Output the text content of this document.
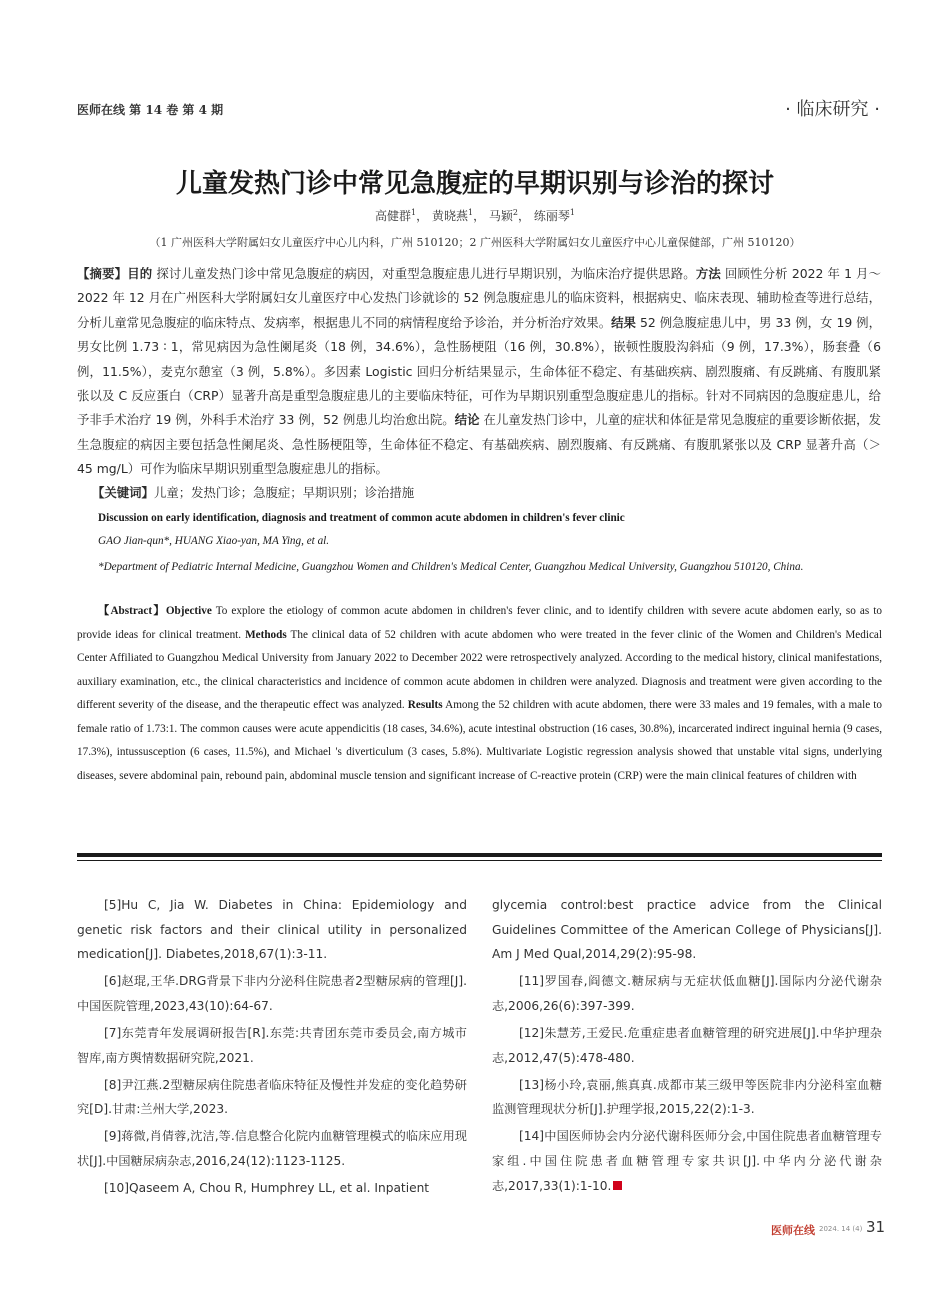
医师在线 第 14 卷 第 4 期	· 临床研究 ·
儿童发热门诊中常见急腹症的早期识别与诊治的探讨
高健群$^1$， 黄晓燕$^1$， 马颖$^2$， 练丽琴$^1$
（1 广州医科大学附属妇女儿童医疗中心儿内科，广州 510120；2 广州医科大学附属妇女儿童医疗中心儿童保健部，广州 510120）

【摘要】目的 探讨儿童发热门诊中常见急腹症的病因，对重型急腹症患儿进行早期识别，为临床治疗提供思路。方法 回顾性分析 2022 年 1 月～ 2022 年 12 月在广州医科大学附属妇女儿童医疗中心发热门诊就诊的 52 例急腹症患儿的临床资料，根据病史、临床表现、辅助检查等进行总结，分析儿童常见急腹症的临床特点、发病率，根据患儿不同的病情程度给予诊治，并分析治疗效果。结果 52 例急腹症患儿中，男 33 例，女 19 例，男女比例 1.73 ∶ 1，常见病因为急性阑尾炎（18 例，34.6%），急性肠梗阻（16 例，30.8%），嵌顿性腹股沟斜疝（9 例，17.3%），肠套叠（6 例，11.5%），麦克尔憩室（3 例，5.8%）。多因素 Logistic 回归分析结果显示，生命体征不稳定、有基础疾病、剧烈腹痛、有反跳痛、有腹肌紧张以及 C 反应蛋白（CRP）显著升高是重型急腹症患儿的主要临床特征，可作为早期识别重型急腹症患儿的指标。针对不同病因的急腹症患儿，给予非手术治疗 19 例，外科手术治疗 33 例，52 例患儿均治愈出院。结论 在儿童发热门诊中，儿童的症状和体征是常见急腹症的重要诊断依据，发生急腹症的病因主要包括急性阑尾炎、急性肠梗阻等，生命体征不稳定、有基础疾病、剧烈腹痛、有反跳痛、有腹肌紧张以及 CRP 显著升高（＞ 45 mg/L）可作为临床早期识别重型急腹症患儿的指标。

【关键词】儿童；发热门诊；急腹症；早期识别；诊治措施

Discussion on early identification, diagnosis and treatment of common acute abdomen in children's fever clinic

GAO Jian-qun*, HUANG Xiao-yan, MA Ying, et al.

*Department of Pediatric Internal Medicine, Guangzhou Women and Children's Medical Center, Guangzhou Medical University, Guangzhou 510120, China.

【Abstract】Objective To explore the etiology of common acute abdomen in children's fever clinic, and to identify children with severe acute abdomen early, so as to provide ideas for clinical treatment. Methods The clinical data of 52 children with acute abdomen who were treated in the fever clinic of the Women and Children's Medical Center Affiliated to Guangzhou Medical University from January 2022 to December 2022 were retrospectively analyzed. According to the medical history, clinical manifestations, auxiliary examination, etc., the clinical characteristics and incidence of common acute abdomen in children were analyzed. Diagnosis and treatment were given according to the different severity of the disease, and the therapeutic effect was analyzed. Results Among the 52 children with acute abdomen, there were 33 males and 19 females, with a male to female ratio of 1.73:1. The common causes were acute appendicitis (18 cases, 34.6%), acute intestinal obstruction (16 cases, 30.8%), incarcerated indirect inguinal hernia (9 cases, 17.3%), intussusception (6 cases, 11.5%), and Michael 's diverticulum (3 cases, 5.8%). Multivariate Logistic regression analysis showed that unstable vital signs, underlying diseases, severe abdominal pain, rebound pain, abdominal muscle tension and significant increase of C-reactive protein (CRP) were the main clinical features of children with

[5]Hu C, Jia W. Diabetes in China: Epidemiology and genetic risk factors and their clinical utility in personalized medication[J]. Diabetes,2018,67(1):3-11.

[6]赵琨,王华.DRG背景下非内分泌科住院患者2型糖尿病的管理[J].中国医院管理,2023,43(10):64-67.

[7]东莞青年发展调研报告[R].东莞:共青团东莞市委员会,南方城市智库,南方舆情数据研究院,2021.

[8]尹江燕.2型糖尿病住院患者临床特征及慢性并发症的变化趋势研究[D].甘肃:兰州大学,2023.

[9]蒋微,肖倩蓉,沈洁,等.信息整合化院内血糖管理模式的临床应用现状[J].中国糖尿病杂志,2016,24(12):1123-1125.

[10]Qaseem A, Chou R, Humphrey LL, et al. Inpatient

glycemia control:best practice advice from the Clinical Guidelines Committee of the American College of Physicians[J]. Am J Med Qual,2014,29(2):95-98.

[11]罗国春,阎德文.糖尿病与无症状低血糖[J].国际内分泌代谢杂志,2006,26(6):397-399.

[12]朱慧芳,王爱民.危重症患者血糖管理的研究进展[J].中华护理杂志,2012,47(5):478-480.

[13]杨小玲,袁丽,熊真真.成都市某三级甲等医院非内分泌科室血糖监测管理现状分析[J].护理学报,2015,22(2):1-3.

[14]中国医师协会内分泌代谢科医师分会,中国住院患者血糖管理专家组.中国住院患者血糖管理专家共识[J].中华内分泌代谢杂志,2017,33(1):1-10.

医师在线 2024. 14 (4) 31
